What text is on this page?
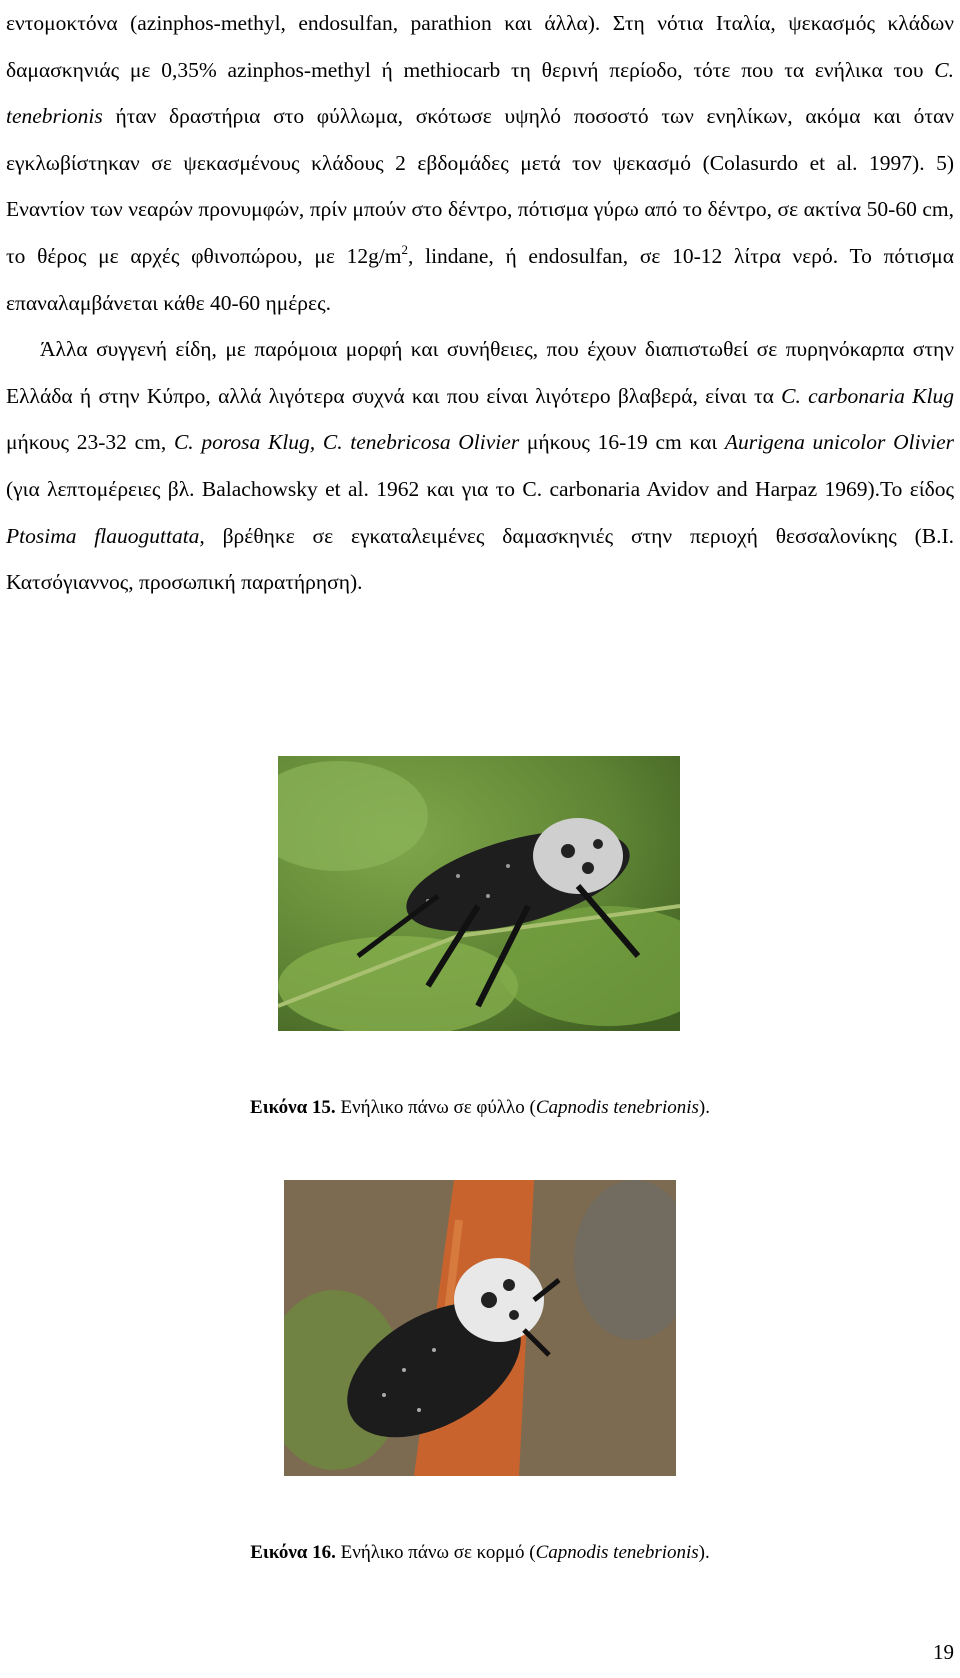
εντομοκτόνα (azinphos-methyl, endosulfan, parathion και άλλα). Στη νότια Ιταλία, ψεκασμός κλάδων δαμασκηνιάς με 0,35% azinphos-methyl ή methiocarb τη θερινή περίοδο, τότε που τα ενήλικα του C. tenebrionis ήταν δραστήρια στο φύλλωμα, σκότωσε υψηλό ποσοστό των ενηλίκων, ακόμα και όταν εγκλωβίστηκαν σε ψεκασμένους κλάδους 2 εβδομάδες μετά τον ψεκασμό (Colasurdo et al. 1997). 5) Εναντίον των νεαρών προνυμφών, πρίν μπούν στο δέντρο, πότισμα γύρω από το δέντρο, σε ακτίνα 50-60 cm, το θέρος με αρχές φθινοπώρου, με $12g/m^2$, lindane, ή endosulfan, σε 10-12 λίτρα νερό. Το πότισμα επαναλαμβάνεται κάθε 40-60 ημέρες.

Άλλα συγγενή είδη, με παρόμοια μορφή και συνήθειες, που έχουν διαπιστωθεί σε πυρηνόκαρπα στην Ελλάδα ή στην Κύπρο, αλλά λιγότερα συχνά και που είναι λιγότερο βλαβερά, είναι τα C. carbonaria Klug μήκους 23-32 cm, C. porosa Klug, C. tenebricosa Olivier μήκους 16-19 cm και Aurigena unicolor Olivier (για λεπτομέρειες βλ. Balachowsky et al. 1962 και για το C. carbonaria Avidov and Harpaz 1969).Το είδος Ptosima flauoguttata, βρέθηκε σε εγκαταλειμένες δαμασκηνιές στην περιοχή θεσσαλονίκης (Β.Ι. Κατσόγιαννος, προσωπική παρατήρηση).

Εικόνα 15. Ενήλικο πάνω σε φύλλο (Capnodis tenebrionis).
Εικόνα 16. Ενήλικο πάνω σε κορμό (Capnodis tenebrionis).
19
